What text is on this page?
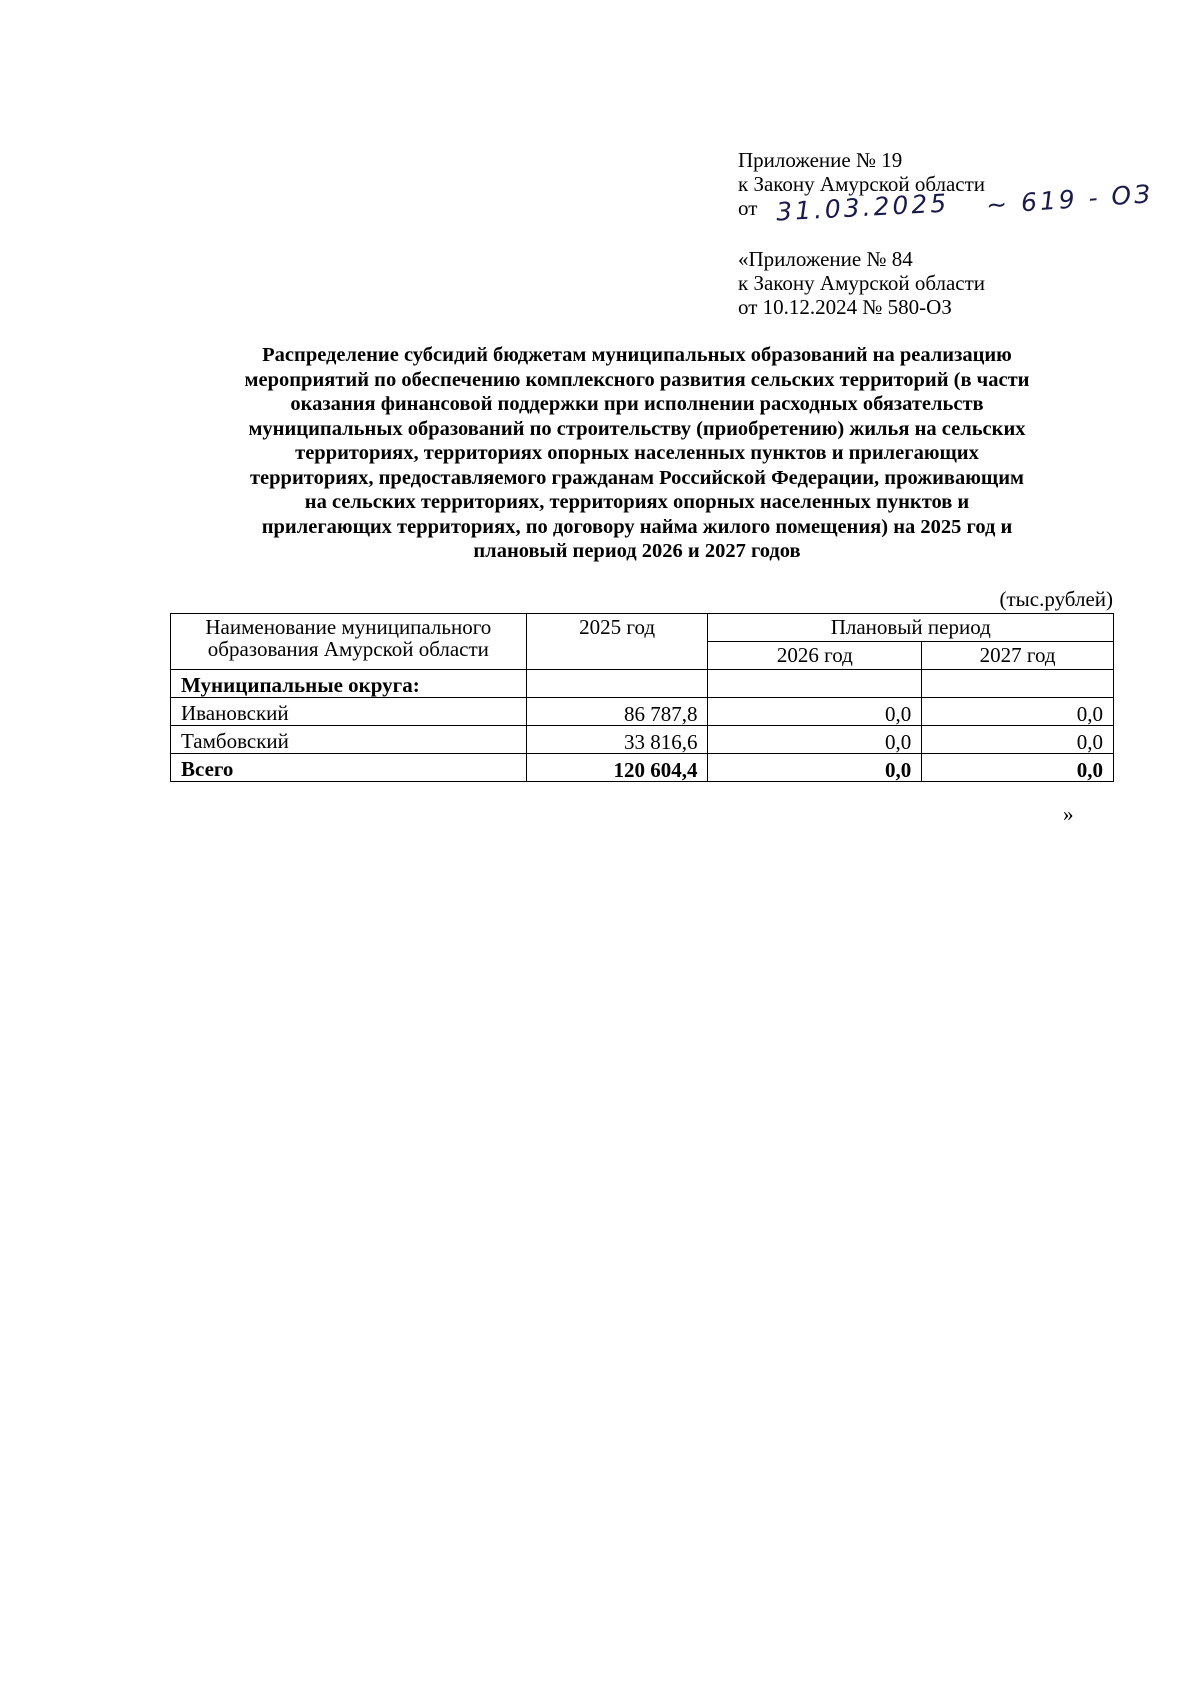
Приложение № 19
к Закону Амурской области
от 31.03.2025 ~ 619 - ОЗ
«Приложение № 84
к Закону Амурской области
от 10.12.2024 № 580-ОЗ
Распределение субсидий бюджетам муниципальных образований на реализацию
мероприятий по обеспечению комплексного развития сельских территорий (в части
оказания финансовой поддержки при исполнении расходных обязательств
муниципальных образований по строительству (приобретению) жилья на сельских
территориях, территориях опорных населенных пунктов и прилегающих
территориях, предоставляемого гражданам Российской Федерации, проживающим
на сельских территориях, территориях опорных населенных пунктов и
прилегающих территориях, по договору найма жилого помещения) на 2025 год и
плановый период 2026 и 2027 годов
(тыс.рублей)
Наименование муниципального образования Амурской области	2025 год	Плановый период	
		2026 год	2027 год
Муниципальные округа:			
Ивановский	86 787,8	0,0	0,0
Тамбовский	33 816,6	0,0	0,0
Всего	120 604,4	0,0	0,0
»
